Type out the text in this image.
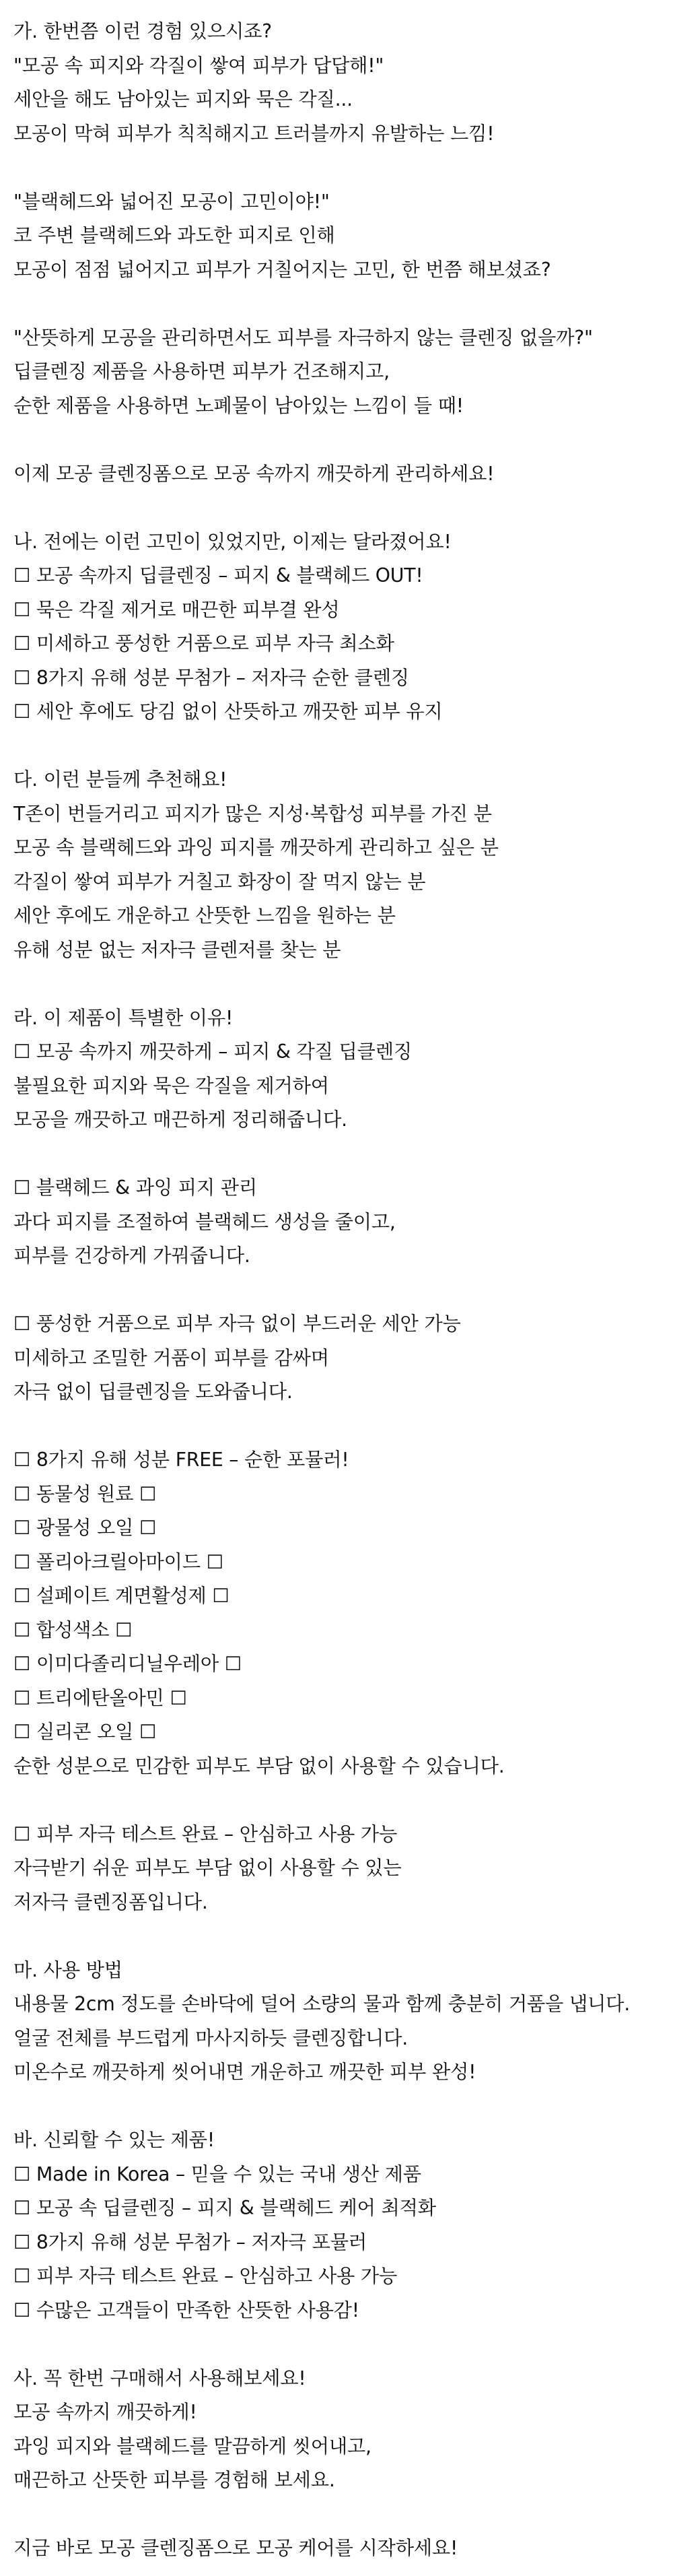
가. 한번쯤 이런 경험 있으시죠?
"모공 속 피지와 각질이 쌓여 피부가 답답해!"
세안을 해도 남아있는 피지와 묵은 각질...
모공이 막혀 피부가 칙칙해지고 트러블까지 유발하는 느낌!
"블랙헤드와 넓어진 모공이 고민이야!"
코 주변 블랙헤드와 과도한 피지로 인해
모공이 점점 넓어지고 피부가 거칠어지는 고민, 한 번쯤 해보셨죠?
"산뜻하게 모공을 관리하면서도 피부를 자극하지 않는 클렌징 없을까?"
딥클렌징 제품을 사용하면 피부가 건조해지고,
순한 제품을 사용하면 노폐물이 남아있는 느낌이 들 때!
이제 모공 클렌징폼으로 모공 속까지 깨끗하게 관리하세요!
나. 전에는 이런 고민이 있었지만, 이제는 달라졌어요!
☐ 모공 속까지 딥클렌징 – 피지 & 블랙헤드 OUT!
☐ 묵은 각질 제거로 매끈한 피부결 완성
☐ 미세하고 풍성한 거품으로 피부 자극 최소화
☐ 8가지 유해 성분 무첨가 – 저자극 순한 클렌징
☐ 세안 후에도 당김 없이 산뜻하고 깨끗한 피부 유지
다. 이런 분들께 추천해요!
T존이 번들거리고 피지가 많은 지성·복합성 피부를 가진 분
모공 속 블랙헤드와 과잉 피지를 깨끗하게 관리하고 싶은 분
각질이 쌓여 피부가 거칠고 화장이 잘 먹지 않는 분
세안 후에도 개운하고 산뜻한 느낌을 원하는 분
유해 성분 없는 저자극 클렌저를 찾는 분
라. 이 제품이 특별한 이유!
☐ 모공 속까지 깨끗하게 – 피지 & 각질 딥클렌징
불필요한 피지와 묵은 각질을 제거하여
모공을 깨끗하고 매끈하게 정리해줍니다.
☐ 블랙헤드 & 과잉 피지 관리
과다 피지를 조절하여 블랙헤드 생성을 줄이고,
피부를 건강하게 가꿔줍니다.
☐ 풍성한 거품으로 피부 자극 없이 부드러운 세안 가능
미세하고 조밀한 거품이 피부를 감싸며
자극 없이 딥클렌징을 도와줍니다.
☐ 8가지 유해 성분 FREE – 순한 포뮬러!
☐ 동물성 원료 ☐
☐ 광물성 오일 ☐
☐ 폴리아크릴아마이드 ☐
☐ 설페이트 계면활성제 ☐
☐ 합성색소 ☐
☐ 이미다졸리디닐우레아 ☐
☐ 트리에탄올아민 ☐
☐ 실리콘 오일 ☐
순한 성분으로 민감한 피부도 부담 없이 사용할 수 있습니다.
☐ 피부 자극 테스트 완료 – 안심하고 사용 가능
자극받기 쉬운 피부도 부담 없이 사용할 수 있는
저자극 클렌징폼입니다.
마. 사용 방법
내용물 2cm 정도를 손바닥에 덜어 소량의 물과 함께 충분히 거품을 냅니다.
얼굴 전체를 부드럽게 마사지하듯 클렌징합니다.
미온수로 깨끗하게 씻어내면 개운하고 깨끗한 피부 완성!
바. 신뢰할 수 있는 제품!
☐ Made in Korea – 믿을 수 있는 국내 생산 제품
☐ 모공 속 딥클렌징 – 피지 & 블랙헤드 케어 최적화
☐ 8가지 유해 성분 무첨가 – 저자극 포뮬러
☐ 피부 자극 테스트 완료 – 안심하고 사용 가능
☐ 수많은 고객들이 만족한 산뜻한 사용감!
사. 꼭 한번 구매해서 사용해보세요!
모공 속까지 깨끗하게!
과잉 피지와 블랙헤드를 말끔하게 씻어내고,
매끈하고 산뜻한 피부를 경험해 보세요.
지금 바로 모공 클렌징폼으로 모공 케어를 시작하세요!
